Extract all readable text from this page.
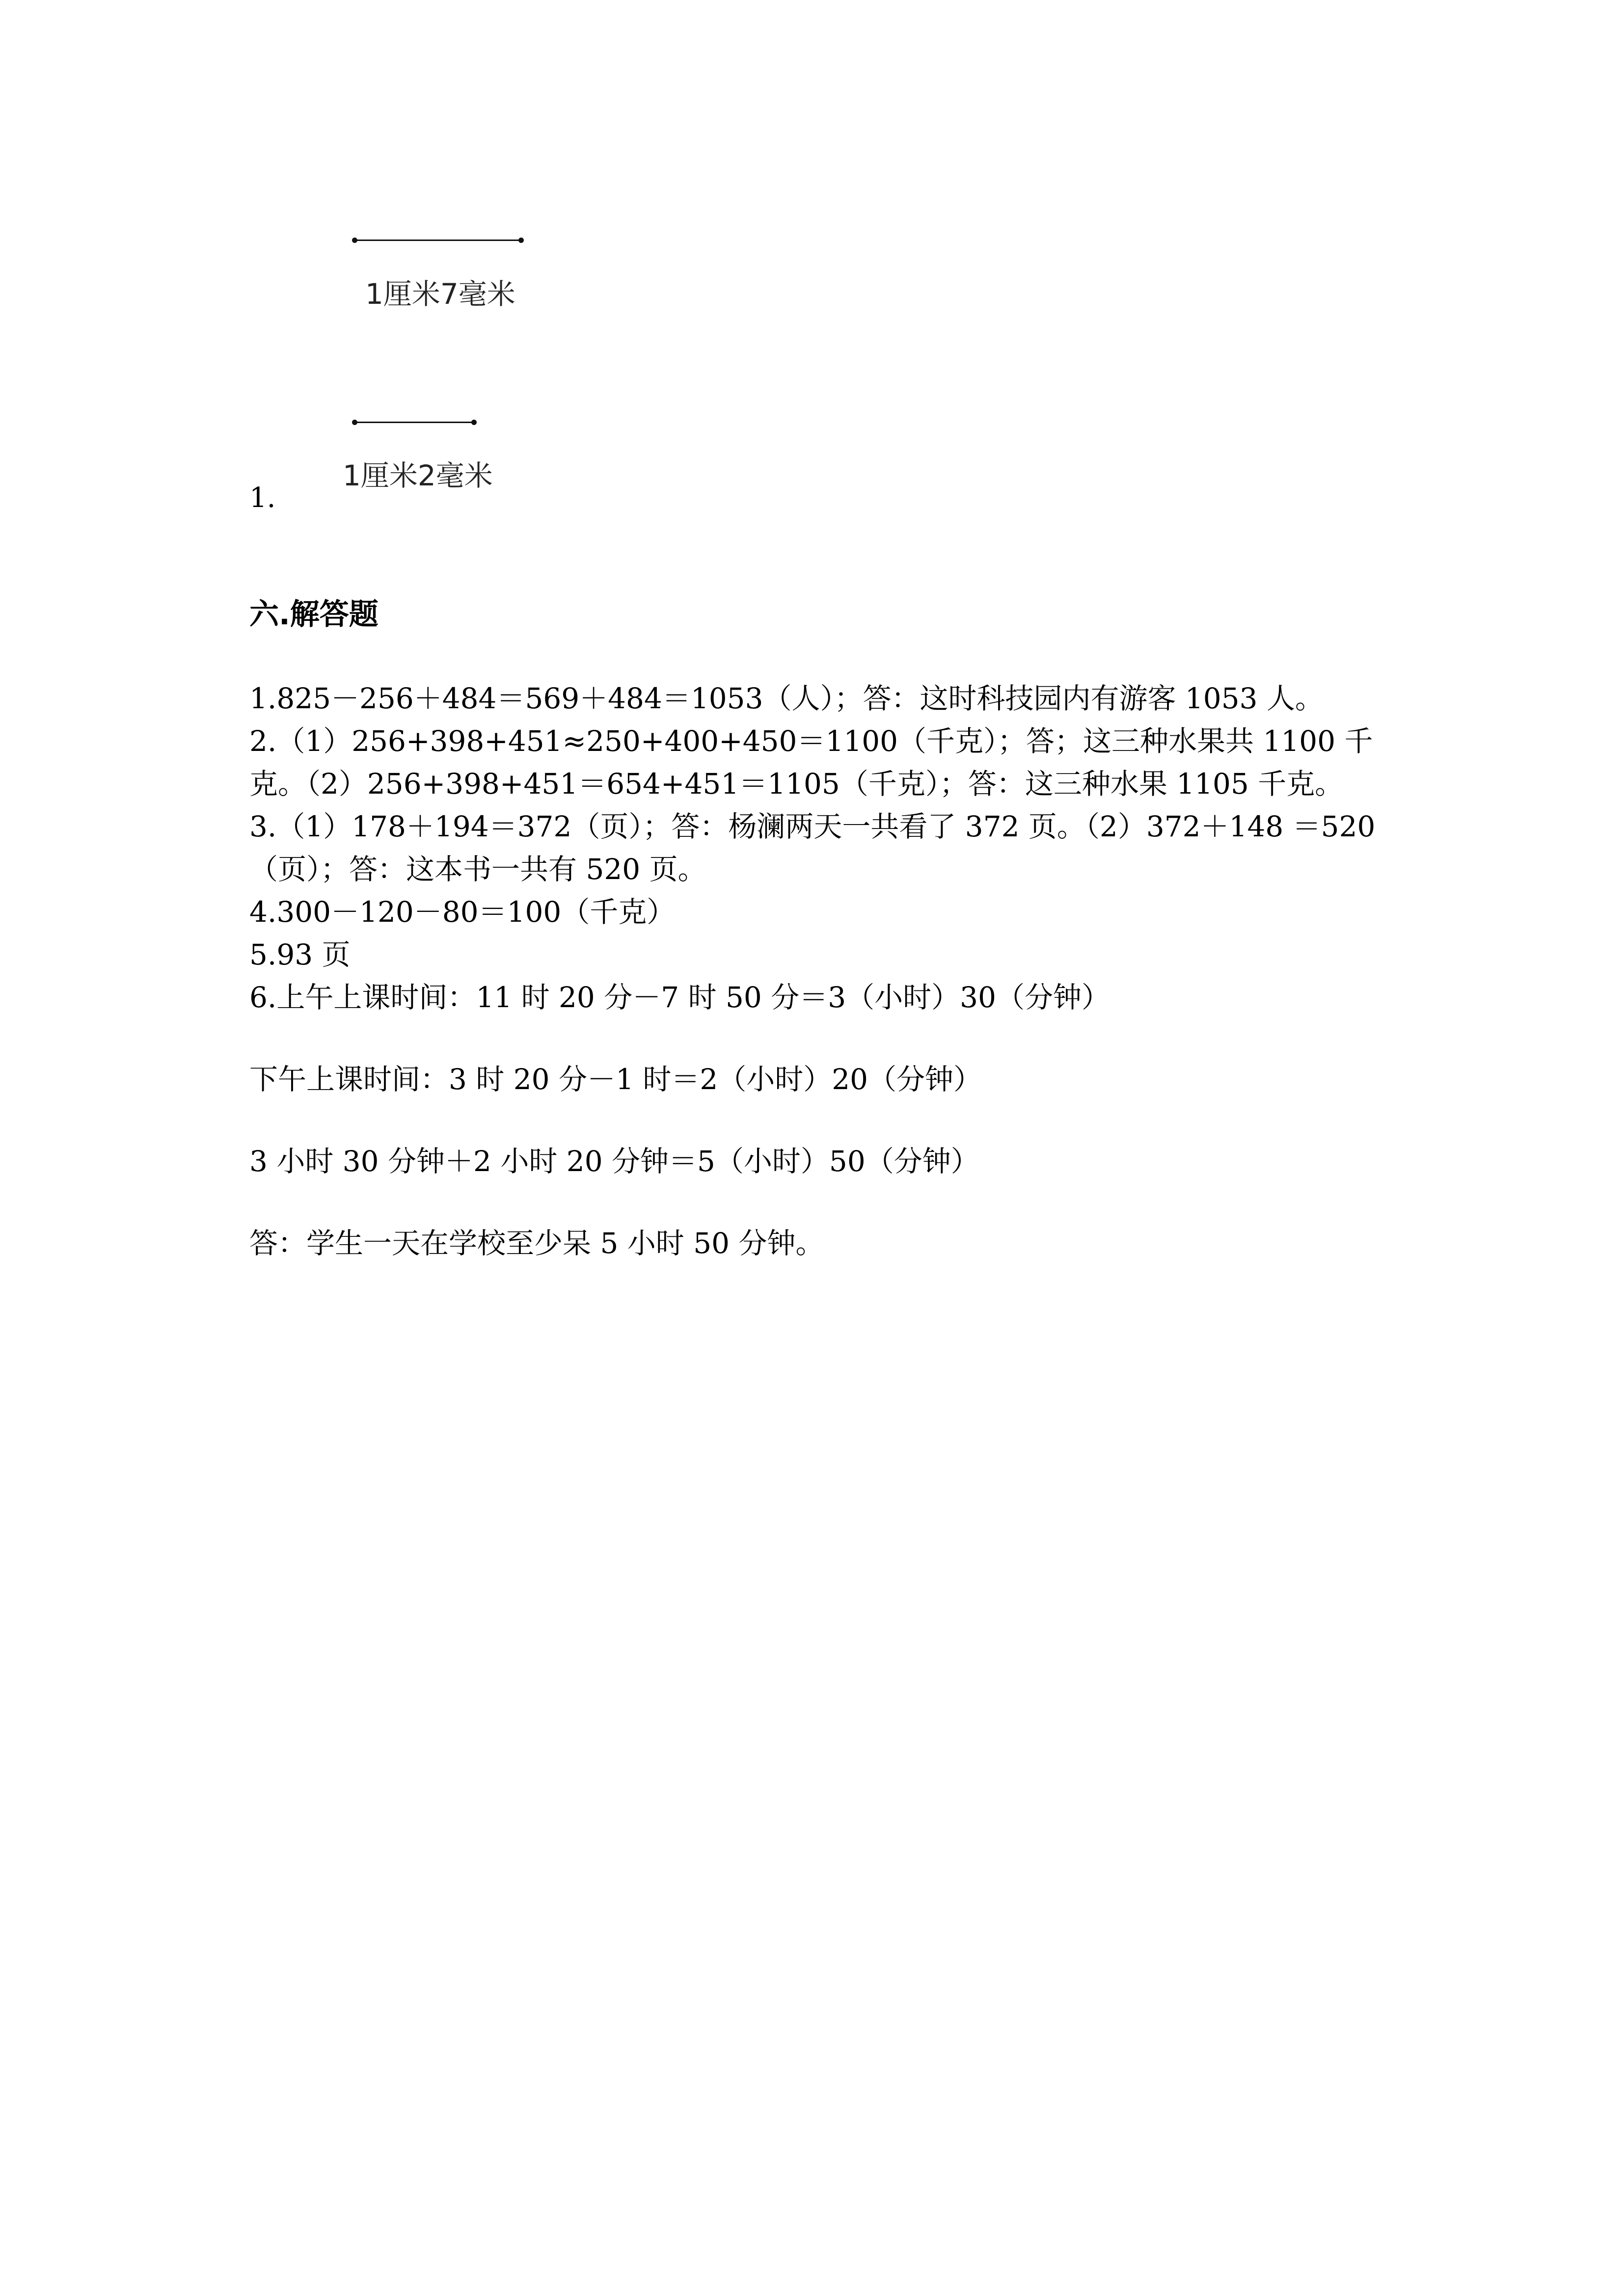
1厘米7毫米
1厘米2毫米
1.
六.解答题

1.825－256＋484＝569＋484＝1053（人）；答：这时科技园内有游客 1053 人。

2.（1）256+398+451≈250+400+450＝1100（千克）；答；这三种水果共 1100 千克。（2）256+398+451＝654+451＝1105（千克）；答：这三种水果 1105 千克。

3.（1）178＋194＝372（页）；答：杨澜两天一共看了 372 页。（2）372＋148 ＝520（页）；答：这本书一共有 520 页。

4.300－120－80＝100（千克）

5.93 页

6.上午上课时间：11 时 20 分－7 时 50 分＝3（小时）30（分钟）

下午上课时间：3 时 20 分－1 时＝2（小时）20（分钟）

3 小时 30 分钟＋2 小时 20 分钟＝5（小时）50（分钟）

答：学生一天在学校至少呆 5 小时 50 分钟。
